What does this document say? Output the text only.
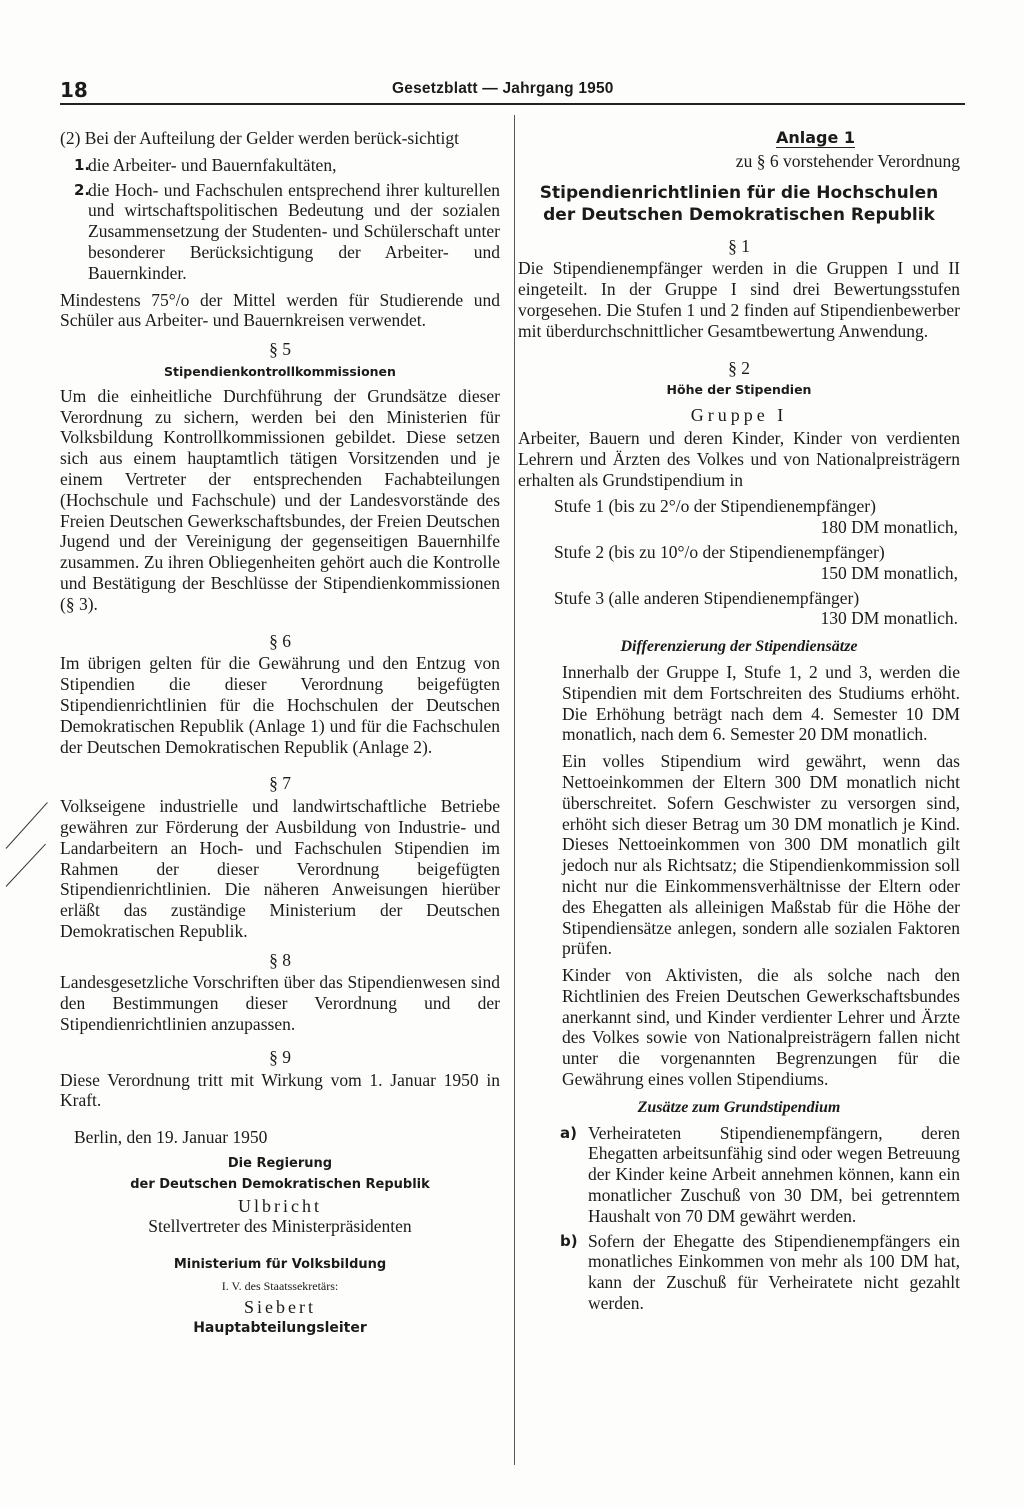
18	Gesetzblatt — Jahrgang 1950

(2) Bei der Aufteilung der Gelder werden berück-sichtigt

1.
die Arbeiter- und Bauernfakultäten,
2.
die Hoch- und Fachschulen entsprechend ihrer kulturellen und wirtschaftspolitischen Bedeutung und der sozialen Zusammensetzung der Studenten- und Schülerschaft unter besonderer Berücksichtigung der Arbeiter- und Bauernkinder.

Mindestens 75°/o der Mittel werden für Studierende und Schüler aus Arbeiter- und Bauernkreisen verwendet.

§ 5
Stipendienkontrollkommissionen

Um die einheitliche Durchführung der Grundsätze dieser Verordnung zu sichern, werden bei den Ministerien für Volksbildung Kontrollkommissionen gebildet. Diese setzen sich aus einem hauptamtlich tätigen Vorsitzenden und je einem Vertreter der entsprechenden Fachabteilungen (Hochschule und Fachschule) und der Landesvorstände des Freien Deutschen Gewerkschaftsbundes, der Freien Deutschen Jugend und der Vereinigung der gegenseitigen Bauernhilfe zusammen. Zu ihren Obliegenheiten gehört auch die Kontrolle und Bestätigung der Beschlüsse der Stipendienkommissionen (§ 3).

§ 6

Im übrigen gelten für die Gewährung und den Entzug von Stipendien die dieser Verordnung beigefügten Stipendienrichtlinien für die Hochschulen der Deutschen Demokratischen Republik (Anlage 1) und für die Fachschulen der Deutschen Demokratischen Republik (Anlage 2).

§ 7

Volkseigene industrielle und landwirtschaftliche Betriebe gewähren zur Förderung der Ausbildung von Industrie- und Landarbeitern an Hoch- und Fachschulen Stipendien im Rahmen der dieser Verordnung beigefügten Stipendienrichtlinien. Die näheren Anweisungen hierüber erläßt das zuständige Ministerium der Deutschen Demokratischen Republik.

§ 8

Landesgesetzliche Vorschriften über das Stipendienwesen sind den Bestimmungen dieser Verordnung und der Stipendienrichtlinien anzupassen.

§ 9

Diese Verordnung tritt mit Wirkung vom 1. Januar 1950 in Kraft.

Berlin, den 19. Januar 1950

Die Regierung
der Deutschen Demokratischen Republik
Ulbricht
Stellvertreter des Ministerpräsidenten
Ministerium für Volksbildung
I. V. des Staatssekretärs:
Siebert
Hauptabteilungsleiter

Anlage 1

zu § 6 vorstehender Verordnung

Stipendienrichtlinien für die Hochschulen
der Deutschen Demokratischen Republik
§ 1

Die Stipendienempfänger werden in die Gruppen I und II eingeteilt. In der Gruppe I sind drei Bewertungsstufen vorgesehen. Die Stufen 1 und 2 finden auf Stipendienbewerber mit überdurchschnittlicher Gesamtbewertung Anwendung.

§ 2
Höhe der Stipendien
Gruppe I

Arbeiter, Bauern und deren Kinder, Kinder von verdienten Lehrern und Ärzten des Volkes und von Nationalpreisträgern erhalten als Grundstipendium in

Stufe 1 (bis zu 2°/o der Stipendienempfänger)

180 DM monatlich,

Stufe 2 (bis zu 10°/o der Stipendienempfänger)

150 DM monatlich,

Stufe 3 (alle anderen Stipendienempfänger)

130 DM monatlich.

Differenzierung der Stipendiensätze

Innerhalb der Gruppe I, Stufe 1, 2 und 3, werden die Stipendien mit dem Fortschreiten des Studiums erhöht. Die Erhöhung beträgt nach dem 4. Semester 10 DM monatlich, nach dem 6. Semester 20 DM monatlich.

Ein volles Stipendium wird gewährt, wenn das Nettoeinkommen der Eltern 300 DM monatlich nicht überschreitet. Sofern Geschwister zu versorgen sind, erhöht sich dieser Betrag um 30 DM monatlich je Kind. Dieses Nettoeinkommen von 300 DM monatlich gilt jedoch nur als Richtsatz; die Stipendienkommission soll nicht nur die Einkommensverhältnisse der Eltern oder des Ehegatten als alleinigen Maßstab für die Höhe der Stipendiensätze anlegen, sondern alle sozialen Faktoren prüfen.

Kinder von Aktivisten, die als solche nach den Richtlinien des Freien Deutschen Gewerkschaftsbundes anerkannt sind, und Kinder verdienter Lehrer und Ärzte des Volkes sowie von Nationalpreisträgern fallen nicht unter die vorgenannten Begrenzungen für die Gewährung eines vollen Stipendiums.

Zusätze zum Grundstipendium
a) Verheirateten Stipendienempfängern, deren Ehegatten arbeitsunfähig sind oder wegen Betreuung der Kinder keine Arbeit annehmen können, kann ein monatlicher Zuschuß von 30 DM, bei getrenntem Haushalt von 70 DM gewährt werden.
b) Sofern der Ehegatte des Stipendienempfängers ein monatliches Einkommen von mehr als 100 DM hat, kann der Zuschuß für Verheiratete nicht gezahlt werden.
